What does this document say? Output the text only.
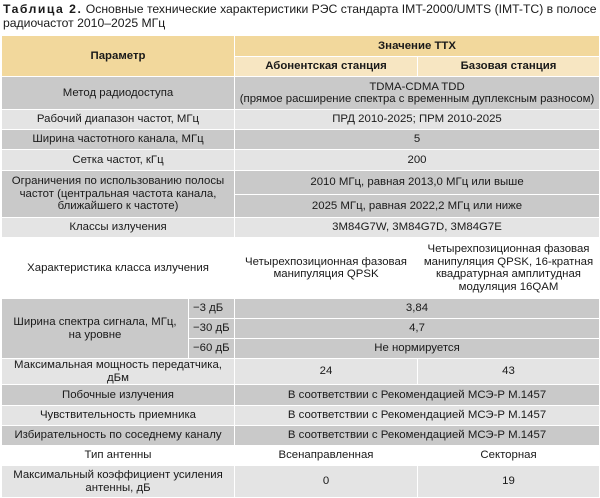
Таблица 2. Основные технические характеристики РЭС стандарта IMT-2000/UMTS (IMT-TC) в полосе радиочастот 2010–2025 МГц
Параметр		Значение ТТХ	
		Абонентская станция	Базовая станция
Метод радиодоступа		TDMA-CDMA TDD
(прямое расширение спектра с временным дуплексным разносом)	

Рабочий диапазон частот, МГц		ПРД 2010-2025; ПРМ 2010-2025	
Ширина частотного канала, МГц		5	
Сетка частот, кГц		200	
Ограничения по использованию полосы частот (центральная частота канала, ближайшего к частоте)		2010 МГц, равная 2013,0 МГц или выше	
		2025 МГц, равная 2022,2 МГц или ниже	
Классы излучения		3M84G7W, 3M84G7D, 3M84G7E	
Характеристика класса излучения		Четырехпозиционная фазовая манипуляция QPSK	Четырехпозиционная фазовая манипуляция QPSK, 16-кратная квадратурная амплитудная модуляция 16QAM
Ширина спектра сигнала, МГц, на уровне	−3 дБ	3,84	
	−30 дБ	4,7	
	−60 дБ	Не нормируется	
Максимальная мощность передатчика, дБм		24	43
Побочные излучения		В соответствии с Рекомендацией МСЭ-Р М.1457	
Чувствительность приемника		В соответствии с Рекомендацией МСЭ-Р М.1457	
Избирательность по соседнему каналу		В соответствии с Рекомендацией МСЭ-Р М.1457	
Тип антенны		Всенаправленная	Секторная
Максимальный коэффициент усиления антенны, дБ		0	19
